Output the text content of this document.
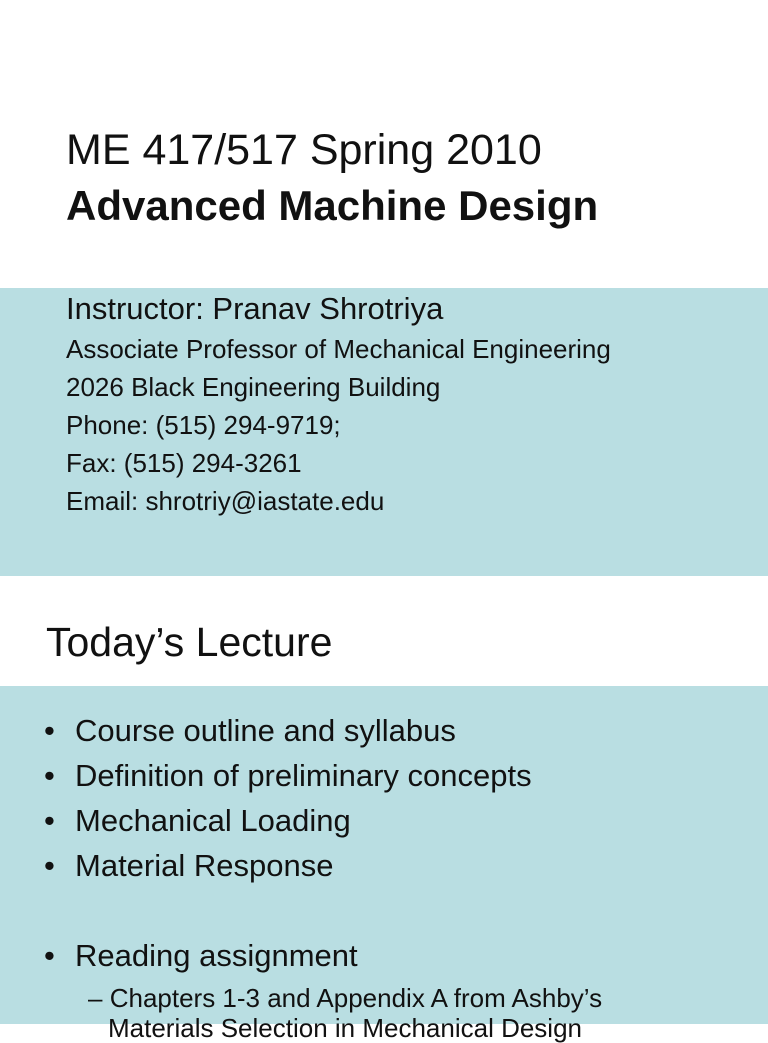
ME 417/517 Spring 2010
Advanced Machine Design
Instructor: Pranav Shrotriya
Associate Professor of Mechanical Engineering
2026 Black Engineering Building
Phone: (515) 294-9719;
Fax: (515) 294-3261
Email: shrotriy@iastate.edu
Today’s Lecture
• Course outline and syllabus
• Definition of preliminary concepts
• Mechanical Loading
• Material Response
• Reading assignment
– Chapters 1-3 and Appendix A from Ashby’s
Materials Selection in Mechanical Design
